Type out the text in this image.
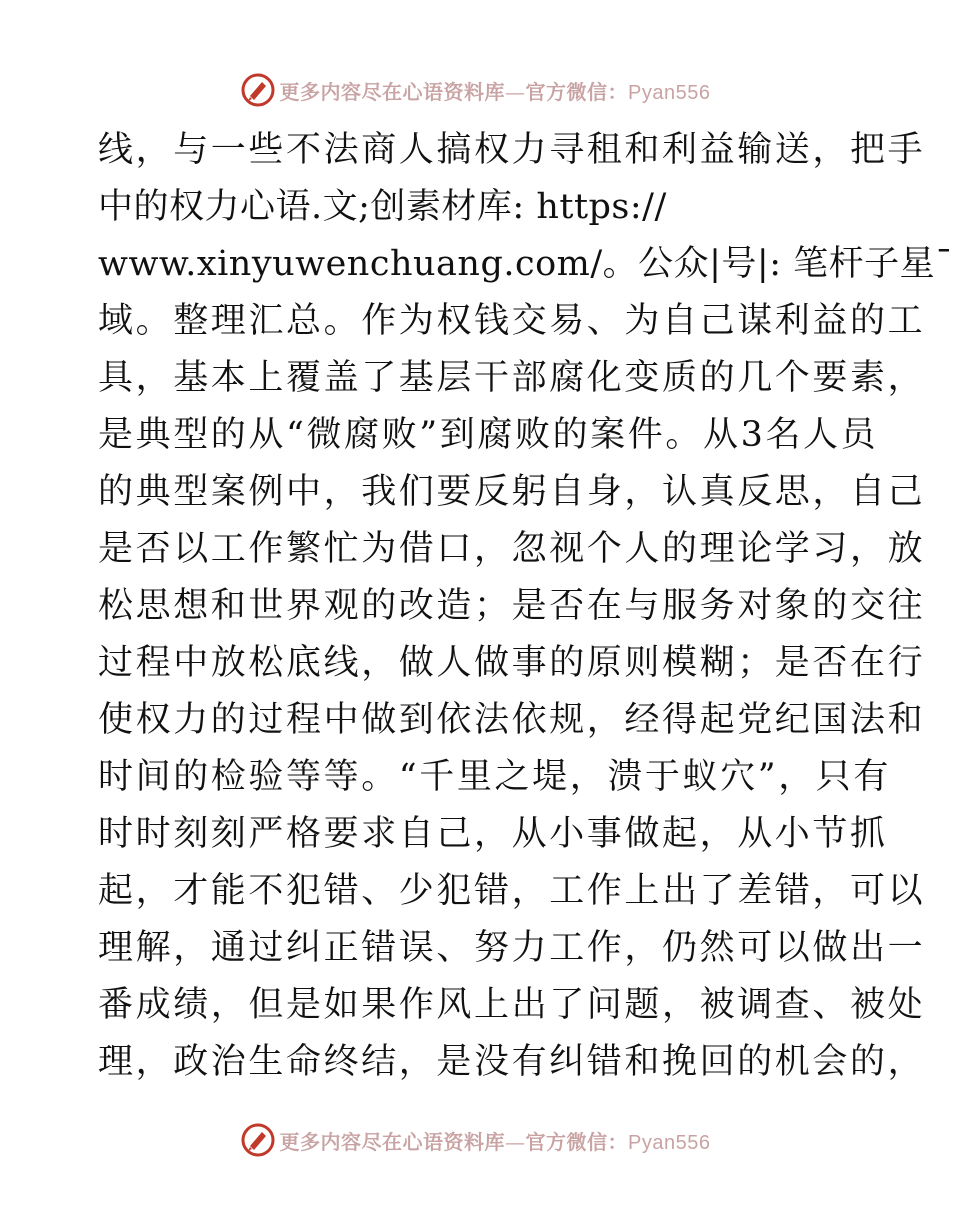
更多内容尽在心语资料库—官方微信：Pyan556
线，与一些不法商人搞权力寻租和利益输送，把手
中的权力心语.文;创素材库: https://
www.xinyuwenchuang.com/。公众|号|: 笔杆子星¯
域。整理汇总。作为权钱交易、为自己谋利益的工
具，基本上覆盖了基层干部腐化变质的几个要素，
是典型的从“微腐败”到腐败的案件。从3名人员
的典型案例中，我们要反躬自身，认真反思，自己
是否以工作繁忙为借口，忽视个人的理论学习，放
松思想和世界观的改造；是否在与服务对象的交往
过程中放松底线，做人做事的原则模糊；是否在行
使权力的过程中做到依法依规，经得起党纪国法和
时间的检验等等。“千里之堤，溃于蚁穴”，只有
时时刻刻严格要求自己，从小事做起，从小节抓
起，才能不犯错、少犯错，工作上出了差错，可以
理解，通过纠正错误、努力工作，仍然可以做出一
番成绩，但是如果作风上出了问题，被调查、被处
理，政治生命终结，是没有纠错和挽回的机会的，
更多内容尽在心语资料库—官方微信：Pyan556
